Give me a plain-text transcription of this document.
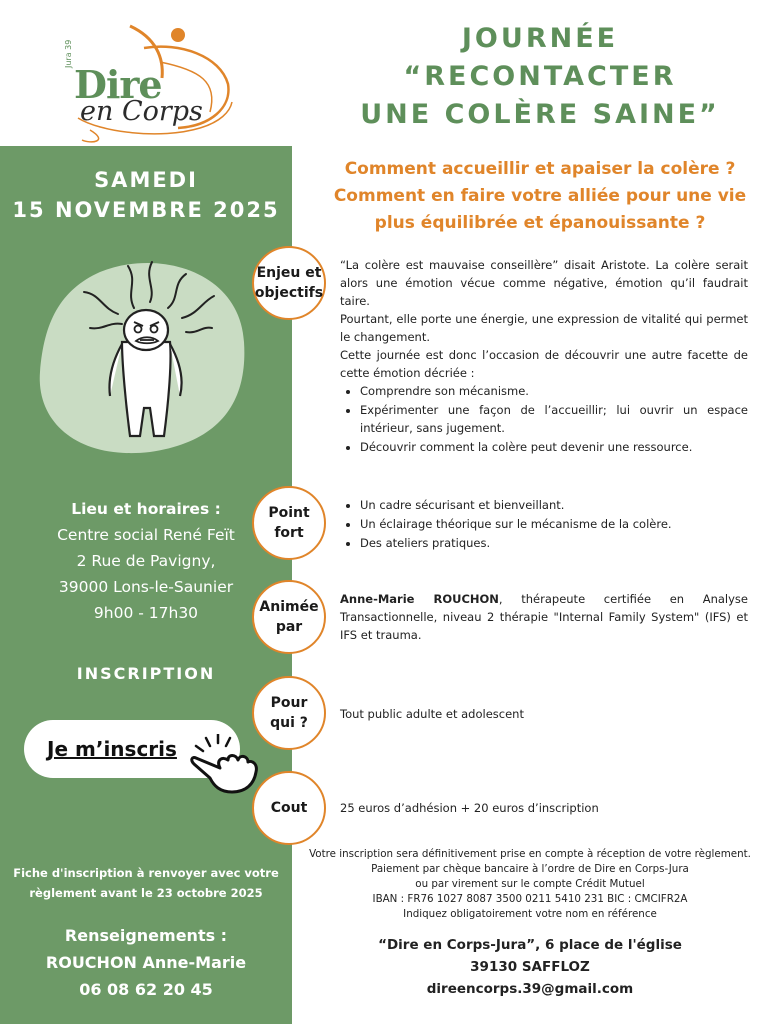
Dire
en Corps
Jura 39	JOURNÉE

“RECONTACTER

UNE COLÈRE SAINE”

SAMEDI
15 NOVEMBRE 2025
Lieu et horaires :
Centre social René Feït
2 Rue de Pavigny,
39000 Lons-le-Saunier
9h00 - 17h30
INSCRIPTION
Je m’inscris
Fiche d'inscription à renvoyer avec votre
règlement avant le 23 octobre 2025
Renseignements :
ROUCHON Anne-Marie
06 08 62 20 45
Comment accueillir et apaiser la colère ?
Comment en faire votre alliée pour une vie
plus équilibrée et épanouissante ?
Enjeu et
objectifs
Point
fort
Animée
par
Pour
qui ?
Cout

“La colère est mauvaise conseillère” disait Aristote. La colère serait alors une émotion vécue comme négative, émotion qu’il faudrait taire.

Pourtant, elle porte une énergie, une expression de vitalité qui permet le changement.

Cette journée est donc l’occasion de découvrir une autre facette de cette émotion décriée :

• Comprendre son mécanisme.
• Expérimenter une façon de l’accueillir; lui ouvrir un espace intérieur, sans jugement.
• Découvrir comment la colère peut devenir une ressource.
• Un cadre sécurisant et bienveillant.
• Un éclairage théorique sur le mécanisme de la colère.
• Des ateliers pratiques.

Anne-Marie ROUCHON, thérapeute certifiée en Analyse Transactionnelle, niveau 2 thérapie "Internal Family System" (IFS) et IFS et trauma.

Tout public adulte et adolescent

25 euros d’adhésion + 20 euros d’inscription

Votre inscription sera définitivement prise en compte à réception de votre règlement.
Paiement par chèque bancaire à l’ordre de Dire en Corps-Jura
ou par virement sur le compte Crédit Mutuel
IBAN : FR76 1027 8087 3500 0211 5410 231 BIC : CMCIFR2A
Indiquez obligatoirement votre nom en référence
“Dire en Corps-Jura”, 6 place de l'église
39130 SAFFLOZ
direencorps.39@gmail.com
